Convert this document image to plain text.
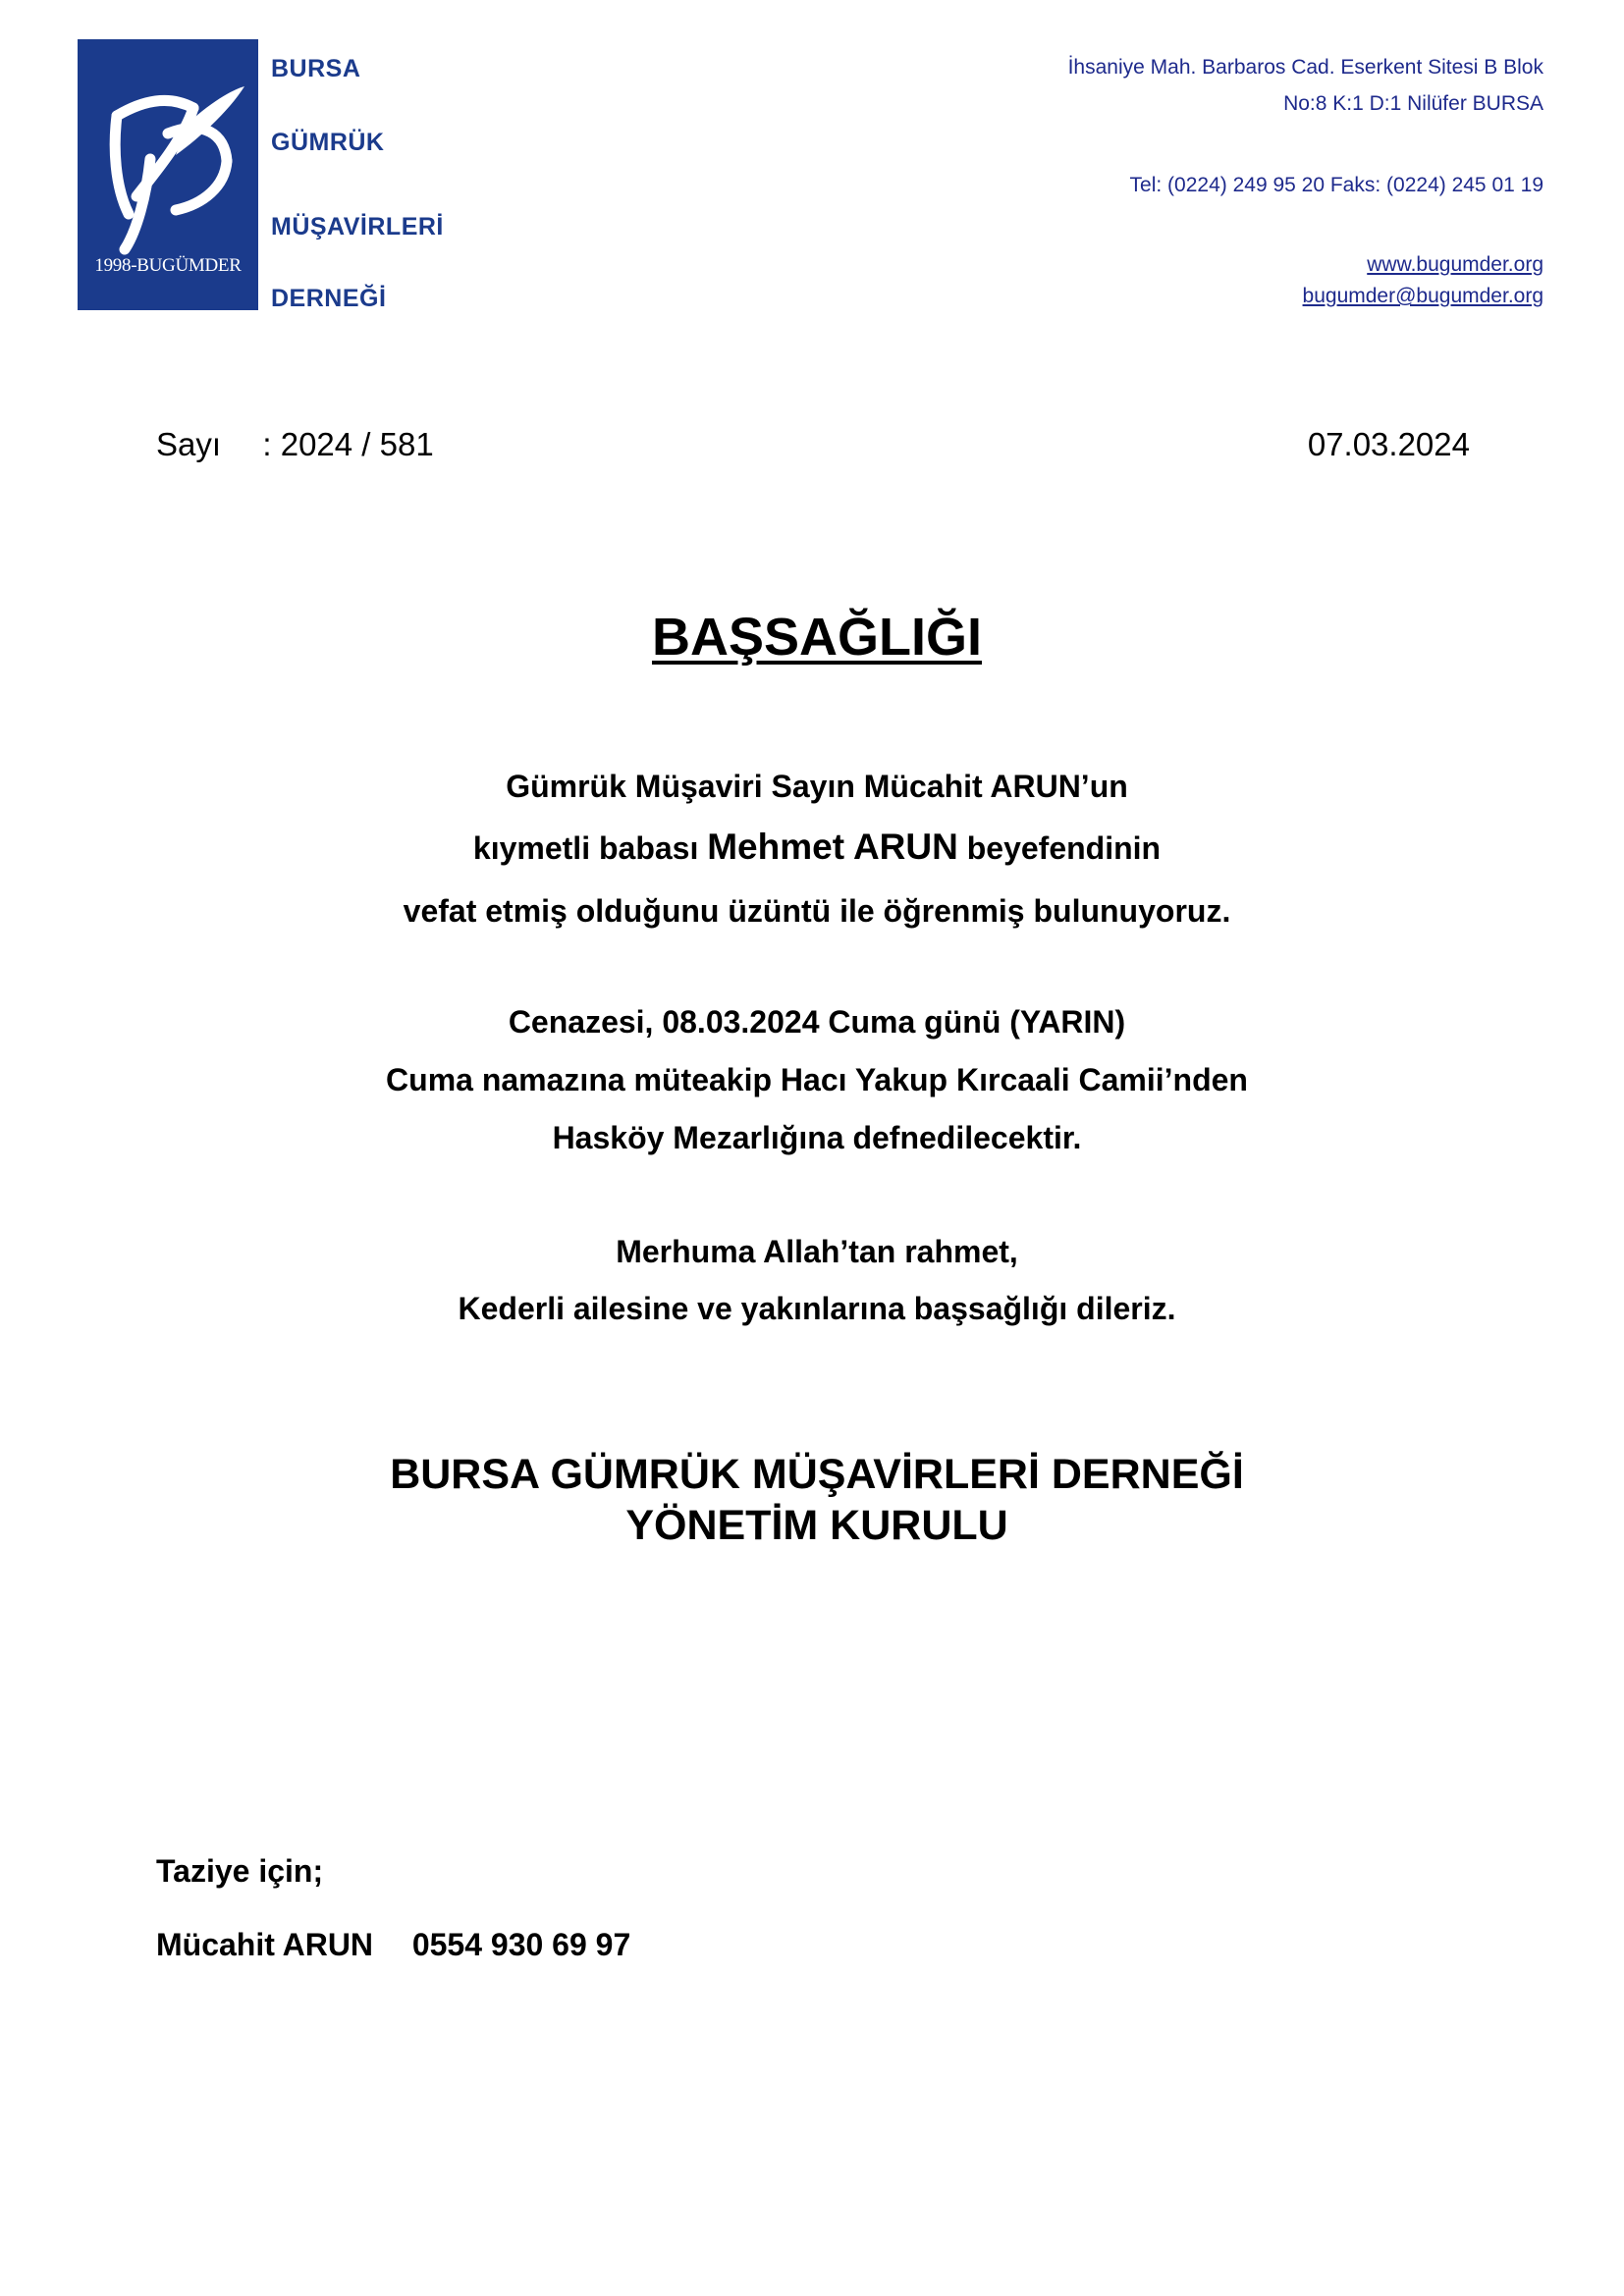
1998-BUGÜMDER
BURSA
GÜMRÜK
MÜŞAVİRLERİ
DERNEĞİ
İhsaniye Mah. Barbaros Cad. Eserkent Sitesi B Blok
No:8 K:1 D:1 Nilüfer BURSA
Tel: (0224) 249 95 20 Faks: (0224) 245 01 19
www.bugumder.org
bugumder@bugumder.org
Sayı : 2024 / 581	07.03.2024
BAŞSAĞLIĞI
Gümrük Müşaviri Sayın Mücahit ARUN’un
kıymetli babası Mehmet ARUN beyefendinin
vefat etmiş olduğunu üzüntü ile öğrenmiş bulunuyoruz.
Cenazesi, 08.03.2024 Cuma günü (YARIN)
Cuma namazına müteakip Hacı Yakup Kırcaali Camii’nden
Hasköy Mezarlığına defnedilecektir.
Merhuma Allah’tan rahmet,
Kederli ailesine ve yakınlarına başsağlığı dileriz.
BURSA GÜMRÜK MÜŞAVİRLERİ DERNEĞİ
YÖNETİM KURULU
Taziye için;
Mücahit ARUN 0554 930 69 97
